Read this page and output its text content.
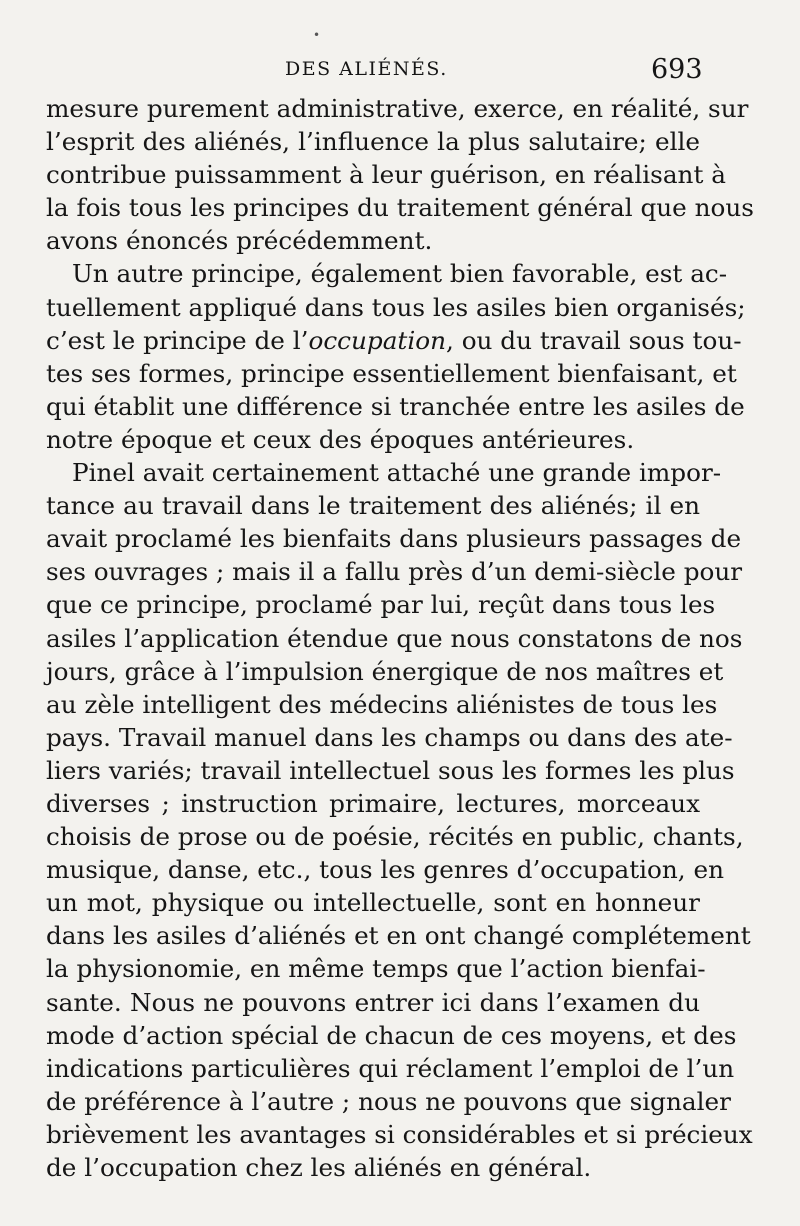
•
DES ALIÉNÉS.	693
mesure purement administrative, exerce, en réalité, sur
l’esprit des aliénés, l’influence la plus salutaire; elle
contribue puissamment à leur guérison, en réalisant à
la fois tous les principes du traitement général que nous
avons énoncés précédemment.
Un autre principe, également bien favorable, est ac-
tuellement appliqué dans tous les asiles bien organisés;
c’est le principe de l’occupation, ou du travail sous tou-
tes ses formes, principe essentiellement bienfaisant, et
qui établit une différence si tranchée entre les asiles de
notre époque et ceux des époques antérieures.
Pinel avait certainement attaché une grande impor-
tance au travail dans le traitement des aliénés; il en
avait proclamé les bienfaits dans plusieurs passages de
ses ouvrages ; mais il a fallu près d’un demi-siècle pour
que ce principe, proclamé par lui, reçût dans tous les
asiles l’application étendue que nous constatons de nos
jours, grâce à l’impulsion énergique de nos maîtres et
au zèle intelligent des médecins aliénistes de tous les
pays. Travail manuel dans les champs ou dans des ate-
liers variés; travail intellectuel sous les formes les plus
diverses ; instruction primaire, lectures, morceaux
choisis de prose ou de poésie, récités en public, chants,
musique, danse, etc., tous les genres d’occupation, en
un mot, physique ou intellectuelle, sont en honneur
dans les asiles d’aliénés et en ont changé complétement
la physionomie, en même temps que l’action bienfai-
sante. Nous ne pouvons entrer ici dans l’examen du
mode d’action spécial de chacun de ces moyens, et des
indications particulières qui réclament l’emploi de l’un
de préférence à l’autre ; nous ne pouvons que signaler
brièvement les avantages si considérables et si précieux
de l’occupation chez les aliénés en général.
